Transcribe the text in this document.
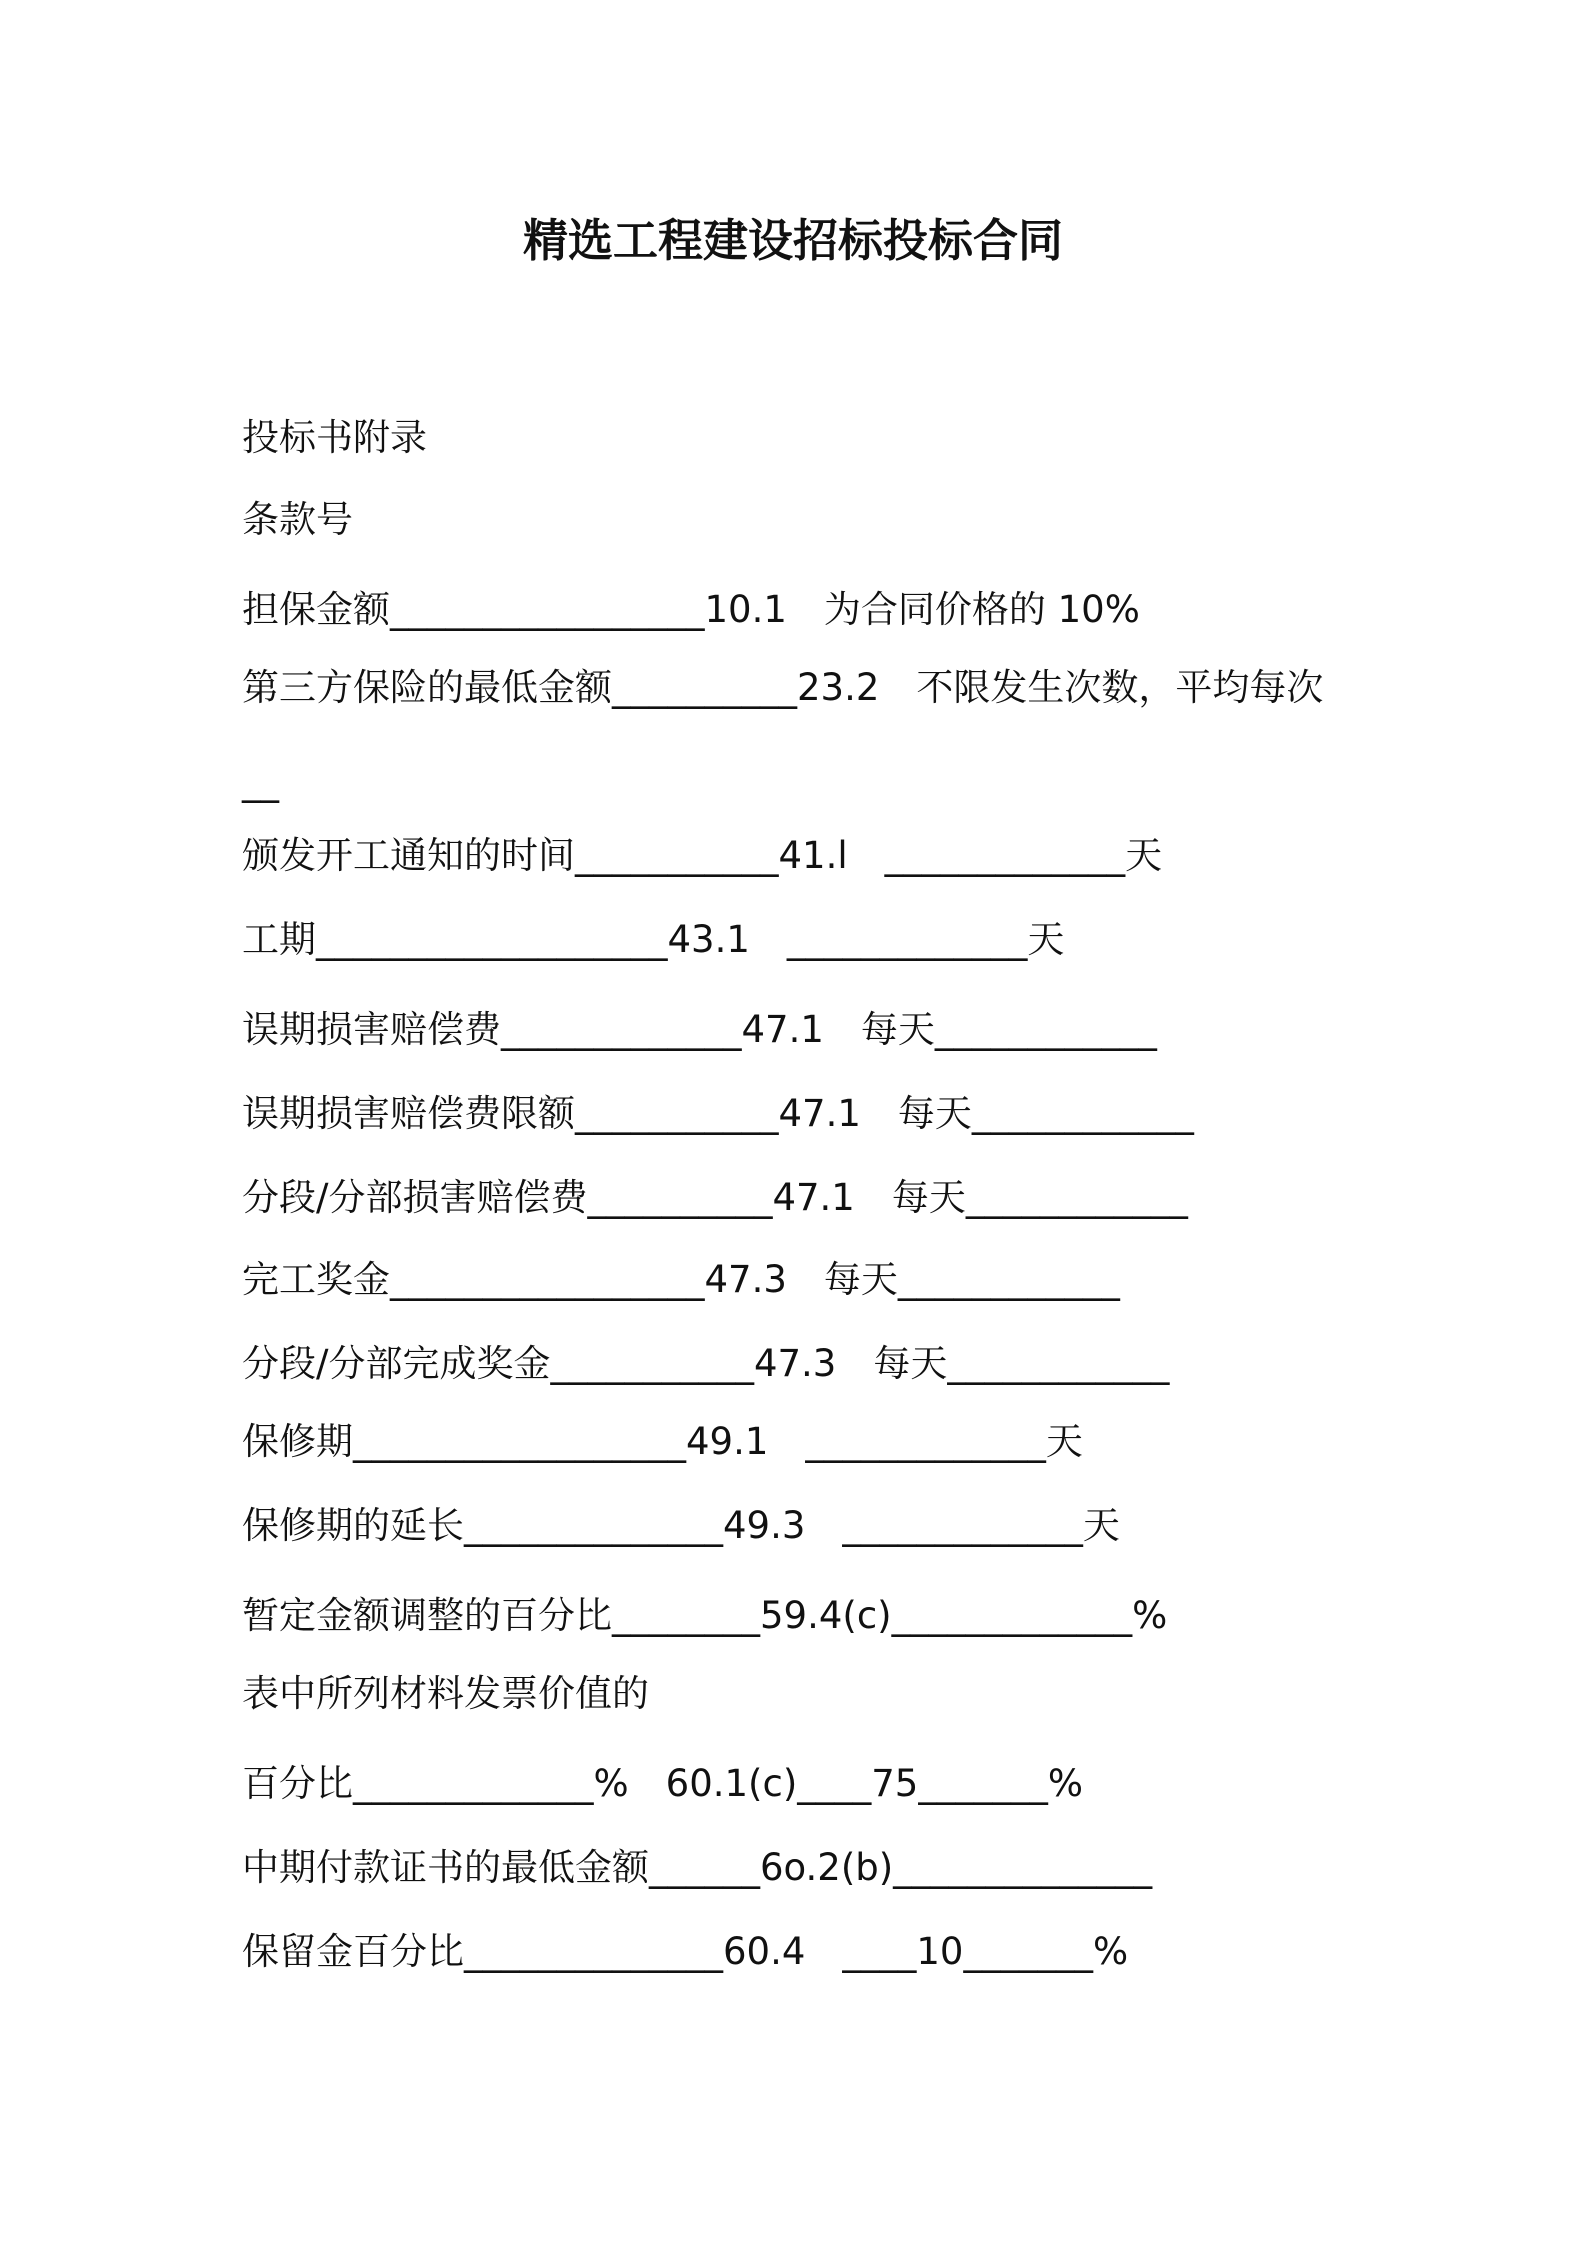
精选工程建设招标投标合同

投标书附录

条款号

担保金额_________________10.1　为合同价格的 10%

第三方保险的最低金额__________23.2　不限发生次数，平均每次

__

颁发开工通知的时间___________41.l　_____________天

工期___________________43.1　_____________天

误期损害赔偿费_____________47.1　每天____________

误期损害赔偿费限额___________47.1　每天____________

分段/分部损害赔偿费__________47.1　每天____________

完工奖金_________________47.3　每天____________

分段/分部完成奖金___________47.3　每天____________

保修期__________________49.1　_____________天

保修期的延长______________49.3　_____________天

暂定金额调整的百分比________59.4(c)_____________%

表中所列材料发票价值的

百分比_____________%　60.1(c)____75_______%

中期付款证书的最低金额______6o.2(b)______________

保留金百分比______________60.4　____10_______%
